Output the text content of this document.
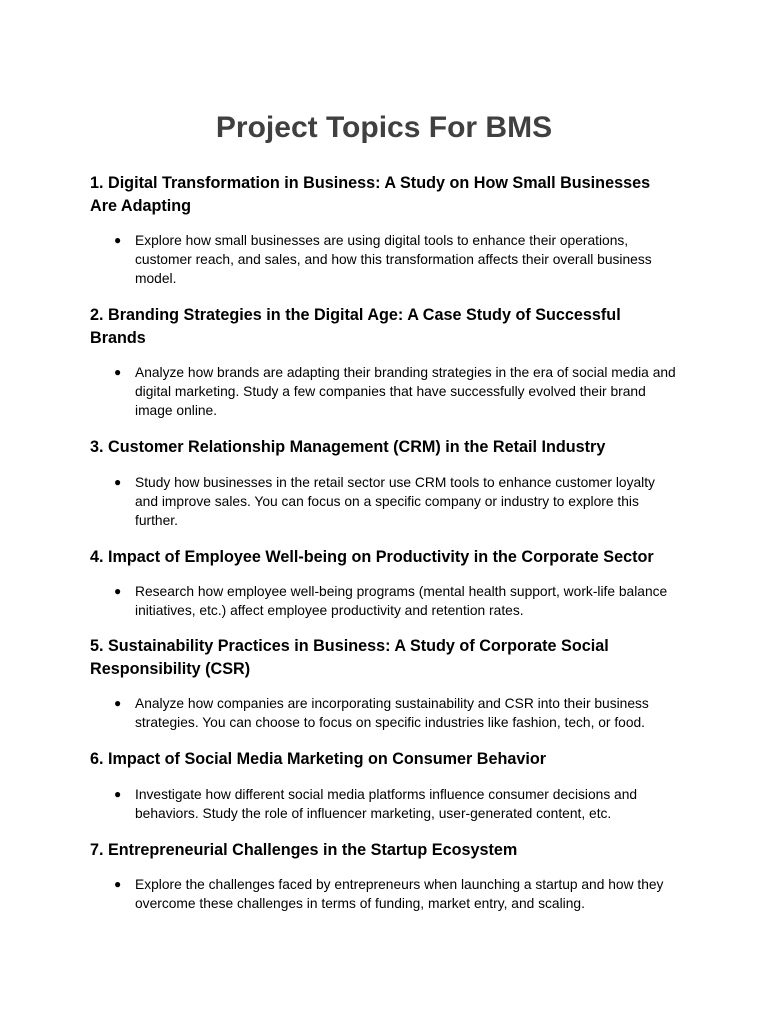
Project Topics For BMS
1. Digital Transformation in Business: A Study on How Small Businesses Are Adapting
● Explore how small businesses are using digital tools to enhance their operations, customer reach, and sales, and how this transformation affects their overall business model.
2. Branding Strategies in the Digital Age: A Case Study of Successful Brands
● Analyze how brands are adapting their branding strategies in the era of social media and digital marketing. Study a few companies that have successfully evolved their brand image online.
3. Customer Relationship Management (CRM) in the Retail Industry
● Study how businesses in the retail sector use CRM tools to enhance customer loyalty and improve sales. You can focus on a specific company or industry to explore this further.
4. Impact of Employee Well-being on Productivity in the Corporate Sector
● Research how employee well-being programs (mental health support, work-life balance initiatives, etc.) affect employee productivity and retention rates.
5. Sustainability Practices in Business: A Study of Corporate Social Responsibility (CSR)
● Analyze how companies are incorporating sustainability and CSR into their business strategies. You can choose to focus on specific industries like fashion, tech, or food.
6. Impact of Social Media Marketing on Consumer Behavior
● Investigate how different social media platforms influence consumer decisions and behaviors. Study the role of influencer marketing, user-generated content, etc.
7. Entrepreneurial Challenges in the Startup Ecosystem
● Explore the challenges faced by entrepreneurs when launching a startup and how they overcome these challenges in terms of funding, market entry, and scaling.
